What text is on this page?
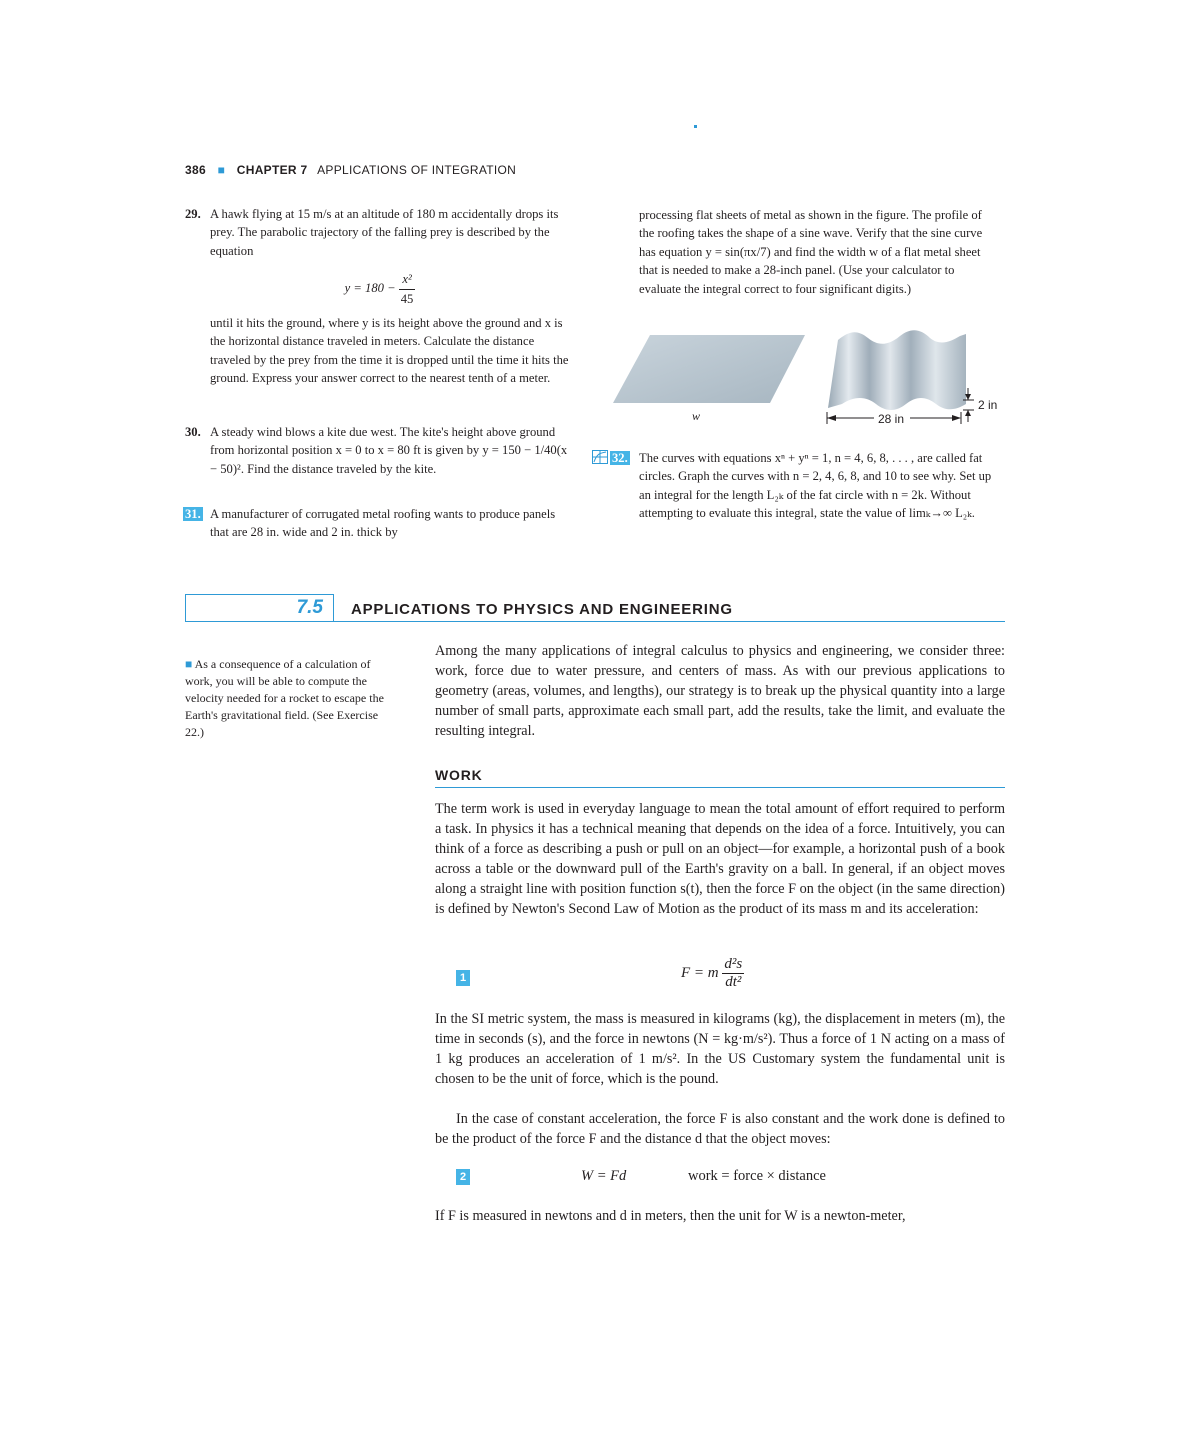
386 ■ CHAPTER 7 APPLICATIONS OF INTEGRATION
29. A hawk flying at 15 m/s at an altitude of 180 m accidentally drops its prey. The parabolic trajectory of the falling prey is described by the equation
$y = 180 - \frac{\text{x²}}{45}$
until it hits the ground, where y is its height above the ground and x is the horizontal distance traveled in meters. Calculate the distance traveled by the prey from the time it is dropped until the time it hits the ground. Express your answer correct to the nearest tenth of a meter.
30. A steady wind blows a kite due west. The kite's height above ground from horizontal position x = 0 to x = 80 ft is given by y = 150 − 1/40(x − 50)². Find the distance traveled by the kite.
31. A manufacturer of corrugated metal roofing wants to produce panels that are 28 in. wide and 2 in. thick by
processing flat sheets of metal as shown in the figure. The profile of the roofing takes the shape of a sine wave. Verify that the sine curve has equation y = sin(πx/7) and find the width w of a flat metal sheet that is needed to make a 28-inch panel. (Use your calculator to evaluate the integral correct to four significant digits.)
w	28 in
2 in
32. The curves with equations xⁿ + yⁿ = 1, n = 4, 6, 8, . . . , are called fat circles. Graph the curves with n = 2, 4, 6, 8, and 10 to see why. Set up an integral for the length L₂ₖ of the fat circle with n = 2k. Without attempting to evaluate this integral, state the value of limₖ→∞ L₂ₖ.
7.5 APPLICATIONS TO PHYSICS AND ENGINEERING
■ As a consequence of a calculation of work, you will be able to compute the velocity needed for a rocket to escape the Earth's gravitational field. (See Exercise 22.)
Among the many applications of integral calculus to physics and engineering, we consider three: work, force due to water pressure, and centers of mass. As with our previous applications to geometry (areas, volumes, and lengths), our strategy is to break up the physical quantity into a large number of small parts, approximate each small part, add the results, take the limit, and evaluate the resulting integral.
WORK
The term work is used in everyday language to mean the total amount of effort required to perform a task. In physics it has a technical meaning that depends on the idea of a force. Intuitively, you can think of a force as describing a push or pull on an object—for example, a horizontal push of a book across a table or the downward pull of the Earth's gravity on a ball. In general, if an object moves along a straight line with position function s(t), then the force F on the object (in the same direction) is defined by Newton's Second Law of Motion as the product of its mass m and its acceleration:
1	F = m $\frac{\text{d²s}}{\text{dt²}}$
In the SI metric system, the mass is measured in kilograms (kg), the displacement in meters (m), the time in seconds (s), and the force in newtons (N = kg·m/s²). Thus a force of 1 N acting on a mass of 1 kg produces an acceleration of 1 m/s². In the US Customary system the fundamental unit is chosen to be the unit of force, which is the pound.
In the case of constant acceleration, the force F is also constant and the work done is defined to be the product of the force F and the distance d that the object moves:
2	W = Fd	work = force × distance
If F is measured in newtons and d in meters, then the unit for W is a newton-meter,
